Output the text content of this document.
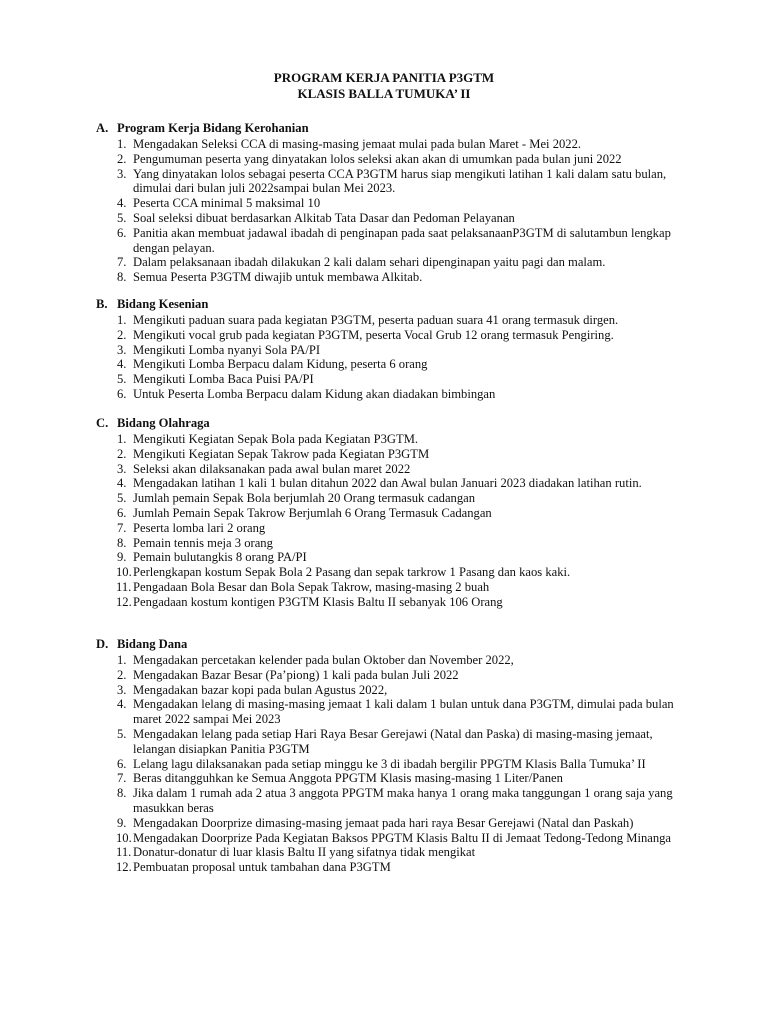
PROGRAM KERJA PANITIA P3GTM
KLASIS BALLA TUMUKA’ II
A. Program Kerja Bidang Kerohanian
1. Mengadakan Seleksi CCA di masing-masing jemaat mulai pada bulan Maret - Mei 2022.
2. Pengumuman peserta yang dinyatakan lolos seleksi akan akan di umumkan pada bulan juni 2022
3. Yang dinyatakan lolos sebagai peserta CCA P3GTM harus siap mengikuti latihan 1 kali dalam satu bulan, dimulai dari bulan juli 2022sampai bulan Mei 2023.
4. Peserta CCA minimal 5 maksimal 10
5. Soal seleksi dibuat berdasarkan Alkitab Tata Dasar dan Pedoman Pelayanan
6. Panitia akan membuat jadawal ibadah di penginapan pada saat pelaksanaanP3GTM di salutambun lengkap dengan pelayan.
7. Dalam pelaksanaan ibadah dilakukan 2 kali dalam sehari dipenginapan yaitu pagi dan malam.
8. Semua Peserta P3GTM diwajib untuk membawa Alkitab.
B. Bidang Kesenian
1. Mengikuti paduan suara pada kegiatan P3GTM, peserta paduan suara 41 orang termasuk dirgen.
2. Mengikuti vocal grub pada kegiatan P3GTM, peserta Vocal Grub 12 orang termasuk Pengiring.
3. Mengikuti Lomba nyanyi Sola PA/PI
4. Mengikuti Lomba Berpacu dalam Kidung, peserta 6 orang
5. Mengikuti Lomba Baca Puisi PA/PI
6. Untuk Peserta Lomba Berpacu dalam Kidung akan diadakan bimbingan
C. Bidang Olahraga
1. Mengikuti Kegiatan Sepak Bola pada Kegiatan P3GTM.
2. Mengikuti Kegiatan Sepak Takrow pada Kegiatan P3GTM
3. Seleksi akan dilaksanakan pada awal bulan maret 2022
4. Mengadakan latihan 1 kali 1 bulan ditahun 2022 dan Awal bulan Januari 2023 diadakan latihan rutin.
5. Jumlah pemain Sepak Bola berjumlah 20 Orang termasuk cadangan
6. Jumlah Pemain Sepak Takrow Berjumlah 6 Orang Termasuk Cadangan
7. Peserta lomba lari 2 orang
8. Pemain tennis meja 3 orang
9. Pemain bulutangkis 8 orang PA/PI
10. Perlengkapan kostum Sepak Bola 2 Pasang dan sepak tarkrow 1 Pasang dan kaos kaki.
11. Pengadaan Bola Besar dan Bola Sepak Takrow, masing-masing 2 buah
12. Pengadaan kostum kontigen P3GTM Klasis Baltu II sebanyak 106 Orang
D. Bidang Dana
1. Mengadakan percetakan kelender pada bulan Oktober dan November 2022,
2. Mengadakan Bazar Besar (Pa’piong) 1 kali pada bulan Juli 2022
3. Mengadakan bazar kopi pada bulan Agustus 2022,
4. Mengadakan lelang di masing-masing jemaat 1 kali dalam 1 bulan untuk dana P3GTM, dimulai pada bulan maret 2022 sampai Mei 2023
5. Mengadakan lelang pada setiap Hari Raya Besar Gerejawi (Natal dan Paska) di masing-masing jemaat, lelangan disiapkan Panitia P3GTM
6. Lelang lagu dilaksanakan pada setiap minggu ke 3 di ibadah bergilir PPGTM Klasis Balla Tumuka’ II
7. Beras ditangguhkan ke Semua Anggota PPGTM Klasis masing-masing 1 Liter/Panen
8. Jika dalam 1 rumah ada 2 atua 3 anggota PPGTM maka hanya 1 orang maka tanggungan 1 orang saja yang masukkan beras
9. Mengadakan Doorprize dimasing-masing jemaat pada hari raya Besar Gerejawi (Natal dan Paskah)
10. Mengadakan Doorprize Pada Kegiatan Baksos PPGTM Klasis Baltu II di Jemaat Tedong-Tedong Minanga
11. Donatur-donatur di luar klasis Baltu II yang sifatnya tidak mengikat
12. Pembuatan proposal untuk tambahan dana P3GTM
